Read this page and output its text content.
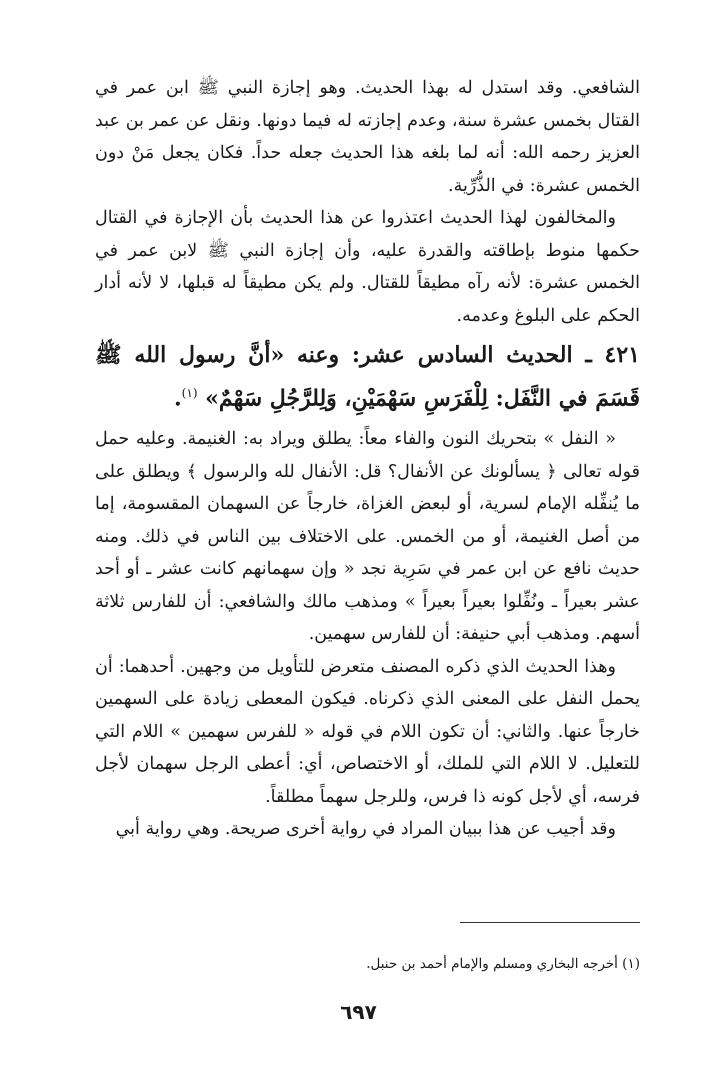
الشافعي. وقد استدل له بهذا الحديث. وهو إجازة النبي ﷺ ابن عمر في القتال بخمس عشرة سنة، وعدم إجازته له فيما دونها. ونقل عن عمر بن عبد العزيز رحمه الله: أنه لما بلغه هذا الحديث جعله حداً. فكان يجعل مَنْ دون الخمس عشرة: في الذُّرِّية.

والمخالفون لهذا الحديث اعتذروا عن هذا الحديث بأن الإجازة في القتال حكمها منوط بإطاقته والقدرة عليه، وأن إجازة النبي ﷺ لابن عمر في الخمس عشرة: لأنه رآه مطيقاً للقتال. ولم يكن مطيقاً له قبلها، لا لأنه أدار الحكم على البلوغ وعدمه.

٤٢١ ـ الحديث السادس عشر: وعنه «أنَّ رسول الله ﷺ قَسَمَ في النَّفَل: لِلْفَرَسِ سَهْمَيْنِ، وَلِلرَّجُلِ سَهْمٌ» $^{(١)}$.

« النفل » بتحريك النون والفاء معاً: يطلق ويراد به: الغنيمة. وعليه حمل قوله تعالى ﴿ يسألونك عن الأنفال؟ قل: الأنفال لله والرسول ﴾ ويطلق على ما يُنفِّله الإمام لسرية، أو لبعض الغزاة، خارجاً عن السهمان المقسومة، إما من أصل الغنيمة، أو من الخمس. على الاختلاف بين الناس في ذلك. ومنه حديث نافع عن ابن عمر في سَرِية نجد « وإن سهمانهم كانت عشر ـ أو أحد عشر بعيراً ـ ونُفِّلوا بعيراً بعيراً » ومذهب مالك والشافعي: أن للفارس ثلاثة أسهم. ومذهب أبي حنيفة: أن للفارس سهمين.

وهذا الحديث الذي ذكره المصنف متعرض للتأويل من وجهين. أحدهما: أن يحمل النفل على المعنى الذي ذكرناه. فيكون المعطى زيادة على السهمين خارجاً عنها. والثاني: أن تكون اللام في قوله « للفرس سهمين » اللام التي للتعليل. لا اللام التي للملك، أو الاختصاص، أي: أعطى الرجل سهمان لأجل فرسه، أي لأجل كونه ذا فرس، وللرجل سهماً مطلقاً.

وقد أجيب عن هذا ببيان المراد في رواية أخرى صريحة. وهي رواية أبي

(١) أخرجه البخاري ومسلم والإمام أحمد بن حنبل.
٦٩٧
